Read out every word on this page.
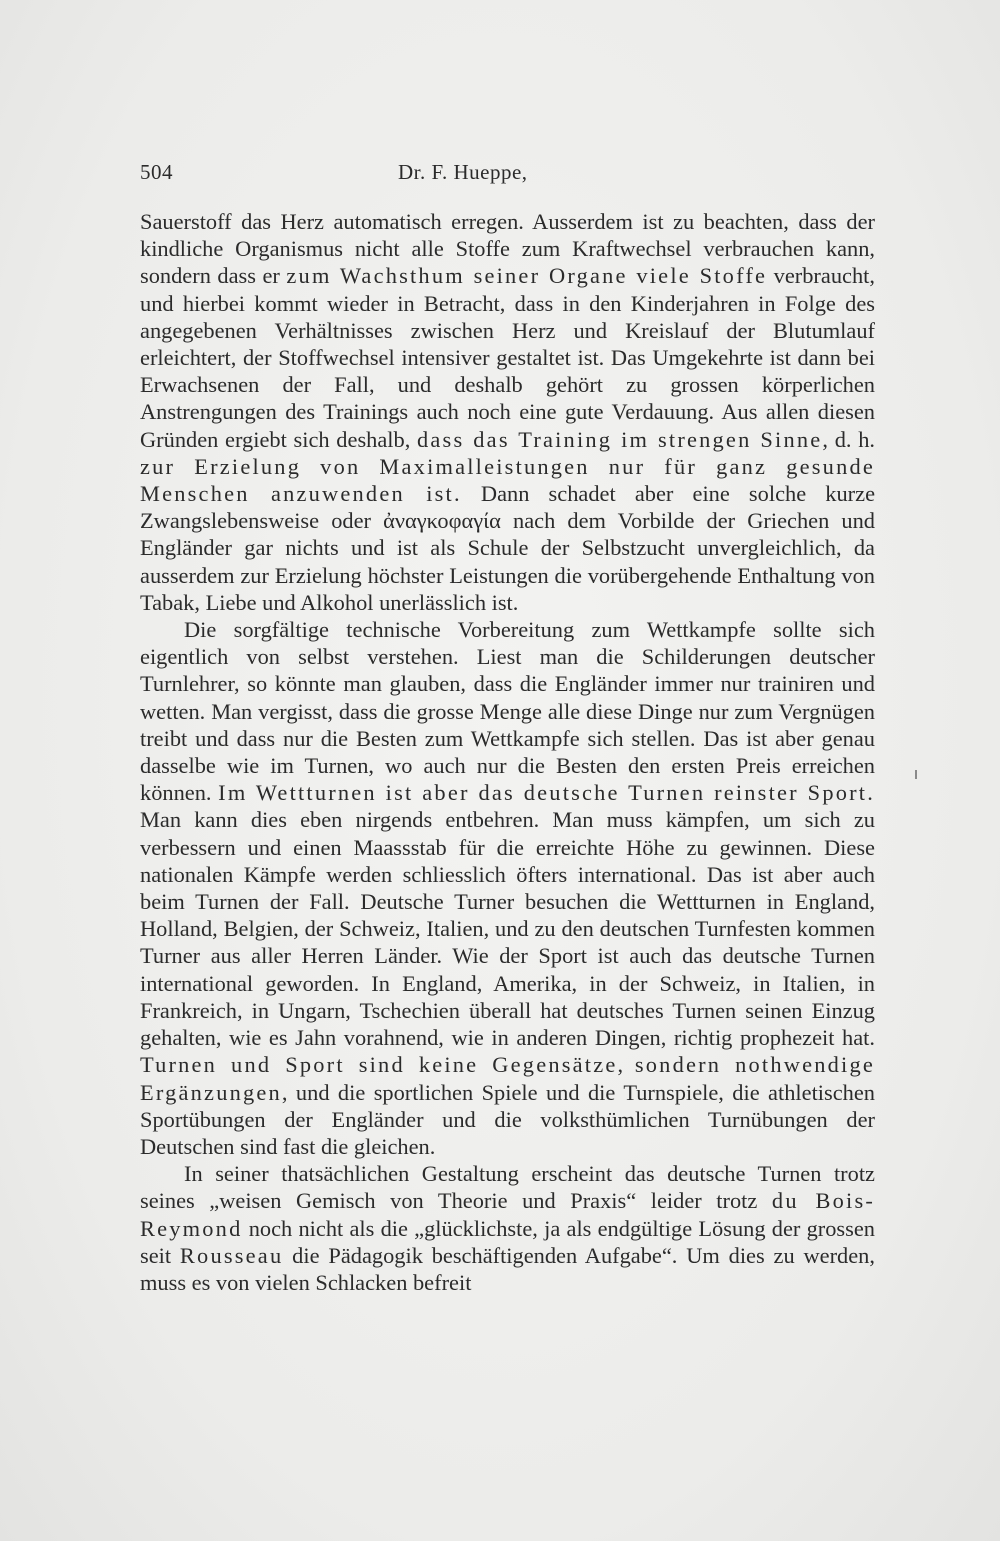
504	Dr. F. Hueppe,

Sauerstoff das Herz automatisch erregen. Ausserdem ist zu beachten, dass der kindliche Organismus nicht alle Stoffe zum Kraftwechsel verbrauchen kann, sondern dass er zum Wachsthum seiner Organe viele Stoffe verbraucht, und hierbei kommt wieder in Betracht, dass in den Kinderjahren in Folge des angegebenen Verhältnisses zwischen Herz und Kreislauf der Blutumlauf erleichtert, der Stoffwechsel intensiver gestaltet ist. Das Umgekehrte ist dann bei Erwachsenen der Fall, und deshalb gehört zu grossen körperlichen Anstrengungen des Trainings auch noch eine gute Verdauung. Aus allen diesen Gründen ergiebt sich deshalb, dass das Training im strengen Sinne, d. h. zur Erzielung von Maximalleistungen nur für ganz gesunde Menschen anzuwenden ist. Dann schadet aber eine solche kurze Zwangslebensweise oder ἀναγκοφαγία nach dem Vorbilde der Griechen und Engländer gar nichts und ist als Schule der Selbstzucht unvergleichlich, da ausserdem zur Erzielung höchster Leistungen die vorübergehende Enthaltung von Tabak, Liebe und Alkohol unerlässlich ist.

Die sorgfältige technische Vorbereitung zum Wettkampfe sollte sich eigentlich von selbst verstehen. Liest man die Schilderungen deutscher Turnlehrer, so könnte man glauben, dass die Engländer immer nur trainiren und wetten. Man vergisst, dass die grosse Menge alle diese Dinge nur zum Vergnügen treibt und dass nur die Besten zum Wettkampfe sich stellen. Das ist aber genau dasselbe wie im Turnen, wo auch nur die Besten den ersten Preis erreichen können. Im Wettturnen ist aber das deutsche Turnen reinster Sport. Man kann dies eben nirgends entbehren. Man muss kämpfen, um sich zu verbessern und einen Maassstab für die erreichte Höhe zu gewinnen. Diese nationalen Kämpfe werden schliesslich öfters international. Das ist aber auch beim Turnen der Fall. Deutsche Turner besuchen die Wettturnen in England, Holland, Belgien, der Schweiz, Italien, und zu den deutschen Turnfesten kommen Turner aus aller Herren Länder. Wie der Sport ist auch das deutsche Turnen international geworden. In England, Amerika, in der Schweiz, in Italien, in Frankreich, in Ungarn, Tschechien überall hat deutsches Turnen seinen Einzug gehalten, wie es Jahn vorahnend, wie in anderen Dingen, richtig prophezeit hat. Turnen und Sport sind keine Gegensätze, sondern nothwendige Ergänzungen, und die sportlichen Spiele und die Turnspiele, die athletischen Sportübungen der Engländer und die volksthümlichen Turnübungen der Deutschen sind fast die gleichen.

In seiner thatsächlichen Gestaltung erscheint das deutsche Turnen trotz seines „weisen Gemisch von Theorie und Praxis“ leider trotz du Bois-Reymond noch nicht als die „glücklichste, ja als endgültige Lösung der grossen seit Rousseau die Pädagogik beschäftigenden Aufgabe“. Um dies zu werden, muss es von vielen Schlacken befreit
